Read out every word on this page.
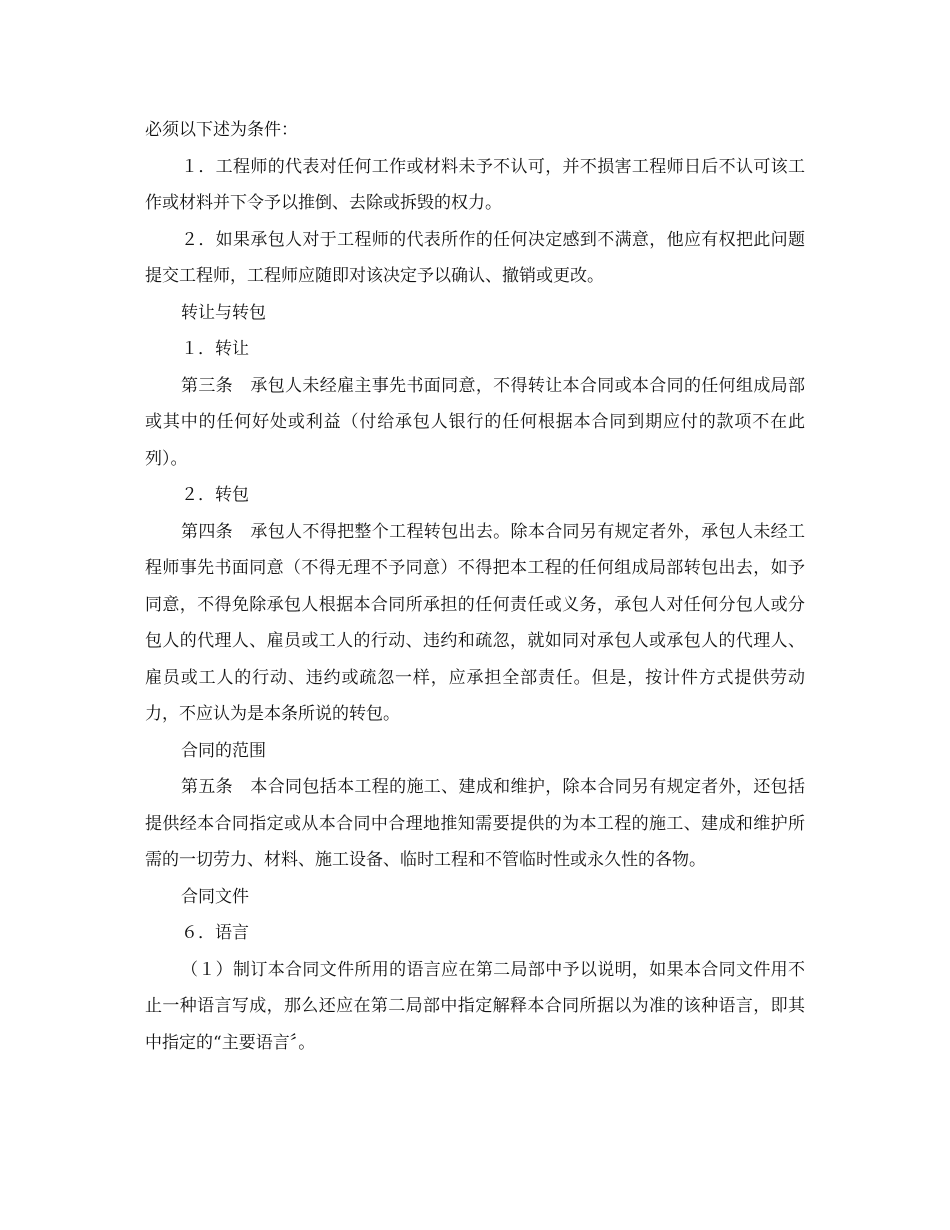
必须以下述为条件：

１．工程师的代表对任何工作或材料未予不认可，并不损害工程师日后不认可该工作或材料并下令予以推倒、去除或拆毁的权力。

２．如果承包人对于工程师的代表所作的任何决定感到不满意，他应有权把此问题提交工程师，工程师应随即对该决定予以确认、撤销或更改。

转让与转包

１．转让

第三条　承包人未经雇主事先书面同意，不得转让本合同或本合同的任何组成局部或其中的任何好处或利益（付给承包人银行的任何根据本合同到期应付的款项不在此列）。

２．转包

第四条　承包人不得把整个工程转包出去。除本合同另有规定者外，承包人未经工程师事先书面同意（不得无理不予同意）不得把本工程的任何组成局部转包出去，如予同意，不得免除承包人根据本合同所承担的任何责任或义务，承包人对任何分包人或分包人的代理人、雇员或工人的行动、违约和疏忽，就如同对承包人或承包人的代理人、雇员或工人的行动、违约或疏忽一样，应承担全部责任。但是，按计件方式提供劳动力，不应认为是本条所说的转包。

合同的范围

第五条　本合同包括本工程的施工、建成和维护，除本合同另有规定者外，还包括提供经本合同指定或从本合同中合理地推知需要提供的为本工程的施工、建成和维护所需的一切劳力、材料、施工设备、临时工程和不管临时性或永久性的各物。

合同文件

６．语言

（１）制订本合同文件所用的语言应在第二局部中予以说明，如果本合同文件用不止一种语言写成，那么还应在第二局部中指定解释本合同所据以为准的该种语言，即其中指定的“主要语言〞。
